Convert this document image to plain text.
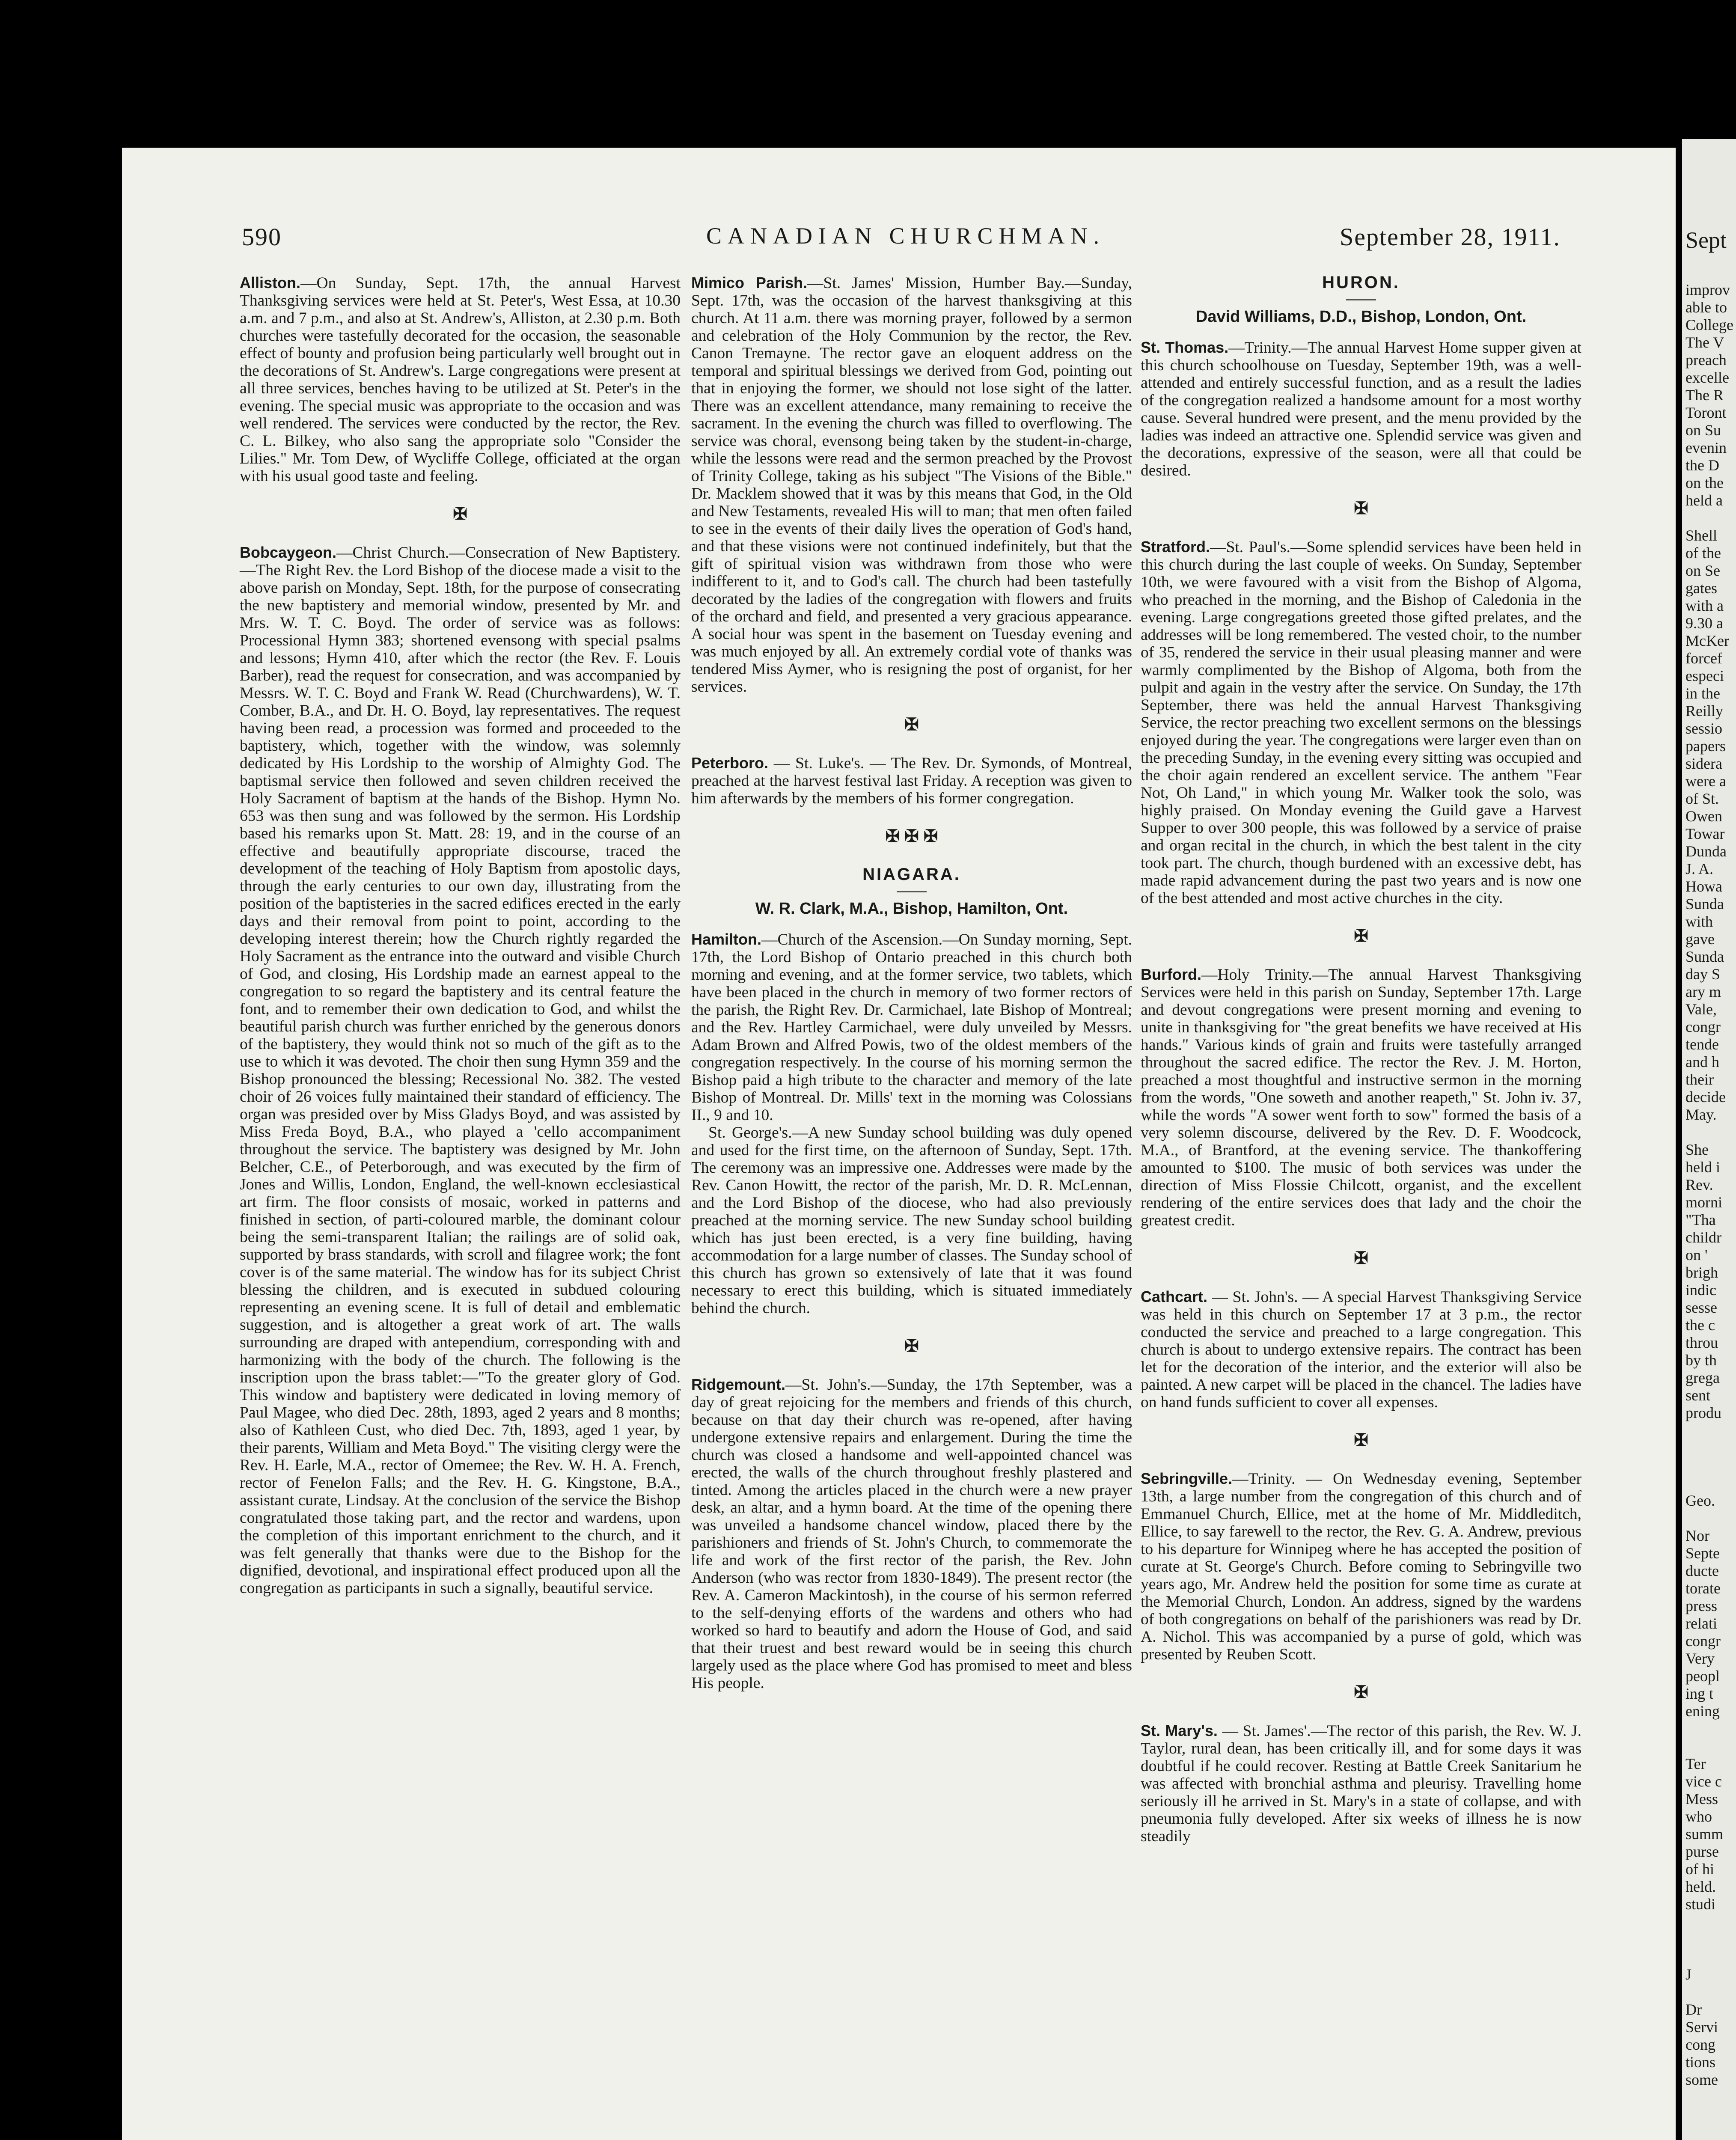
Sept
improv
able to
College
The V
preach
excelle
The R
Toront
on Su
evenin
the D
on the
held a
Shell
of the
on Se
gates
with a
9.30 a
McKer
forcef
especi
in the
Reilly
sessio
papers
sidera
were a
of St.
Owen
Towar
Dunda
J. A.
Howa
Sunda
with
gave
Sunda
day S
ary m
Vale,
congr
tende
and h
their
decide
May.
She
held i
Rev.
morni
"Tha
childr
on '
brigh
indic
sesse
the c
throu
by th
grega
sent
produ
Geo.
Nor
Septe
ducte
torate
press
relati
congr
Very
peopl
ing t
ening
Ter
vice c
Mess
who
summ
purse
of hi
held.
studi
J
Dr
Servi
cong
tions
some
590	CANADIAN CHURCHMAN.	September 28, 1911.

Alliston.—On Sunday, Sept. 17th, the annual Harvest Thanksgiving services were held at St. Peter's, West Essa, at 10.30 a.m. and 7 p.m., and also at St. Andrew's, Alliston, at 2.30 p.m. Both churches were tastefully decorated for the occasion, the seasonable effect of bounty and profusion being particularly well brought out in the decorations of St. Andrew's. Large congregations were present at all three services, benches having to be utilized at St. Peter's in the evening. The special music was appropriate to the occasion and was well rendered. The services were conducted by the rector, the Rev. C. L. Bilkey, who also sang the appropriate solo "Consider the Lilies." Mr. Tom Dew, of Wycliffe College, officiated at the organ with his usual good taste and feeling.

✠

Bobcaygeon.—Christ Church.—Consecration of New Baptistery.—The Right Rev. the Lord Bishop of the diocese made a visit to the above parish on Monday, Sept. 18th, for the purpose of consecrating the new baptistery and memorial window, presented by Mr. and Mrs. W. T. C. Boyd. The order of service was as follows: Processional Hymn 383; shortened evensong with special psalms and lessons; Hymn 410, after which the rector (the Rev. F. Louis Barber), read the request for consecration, and was accompanied by Messrs. W. T. C. Boyd and Frank W. Read (Churchwardens), W. T. Comber, B.A., and Dr. H. O. Boyd, lay representatives. The request having been read, a procession was formed and proceeded to the baptistery, which, together with the window, was solemnly dedicated by His Lordship to the worship of Almighty God. The baptismal service then followed and seven children received the Holy Sacrament of baptism at the hands of the Bishop. Hymn No. 653 was then sung and was followed by the sermon. His Lordship based his remarks upon St. Matt. 28: 19, and in the course of an effective and beautifully appropriate discourse, traced the development of the teaching of Holy Baptism from apostolic days, through the early centuries to our own day, illustrating from the position of the baptisteries in the sacred edifices erected in the early days and their removal from point to point, according to the developing interest therein; how the Church rightly regarded the Holy Sacrament as the entrance into the outward and visible Church of God, and closing, His Lordship made an earnest appeal to the congregation to so regard the baptistery and its central feature the font, and to remember their own dedication to God, and whilst the beautiful parish church was further enriched by the generous donors of the baptistery, they would think not so much of the gift as to the use to which it was devoted. The choir then sung Hymn 359 and the Bishop pronounced the blessing; Recessional No. 382. The vested choir of 26 voices fully maintained their standard of efficiency. The organ was presided over by Miss Gladys Boyd, and was assisted by Miss Freda Boyd, B.A., who played a 'cello accompaniment throughout the service. The baptistery was designed by Mr. John Belcher, C.E., of Peterborough, and was executed by the firm of Jones and Willis, London, England, the well-known ecclesiastical art firm. The floor consists of mosaic, worked in patterns and finished in section, of parti-coloured marble, the dominant colour being the semi-transparent Italian; the railings are of solid oak, supported by brass standards, with scroll and filagree work; the font cover is of the same material. The window has for its subject Christ blessing the children, and is executed in subdued colouring representing an evening scene. It is full of detail and emblematic suggestion, and is altogether a great work of art. The walls surrounding are draped with antependium, corresponding with and harmonizing with the body of the church. The following is the inscription upon the brass tablet:—"To the greater glory of God. This window and baptistery were dedicated in loving memory of Paul Magee, who died Dec. 28th, 1893, aged 2 years and 8 months; also of Kathleen Cust, who died Dec. 7th, 1893, aged 1 year, by their parents, William and Meta Boyd." The visiting clergy were the Rev. H. Earle, M.A., rector of Omemee; the Rev. W. H. A. French, rector of Fenelon Falls; and the Rev. H. G. Kingstone, B.A., assistant curate, Lindsay. At the conclusion of the service the Bishop congratulated those taking part, and the rector and wardens, upon the completion of this important enrichment to the church, and it was felt generally that thanks were due to the Bishop for the dignified, devotional, and inspirational effect produced upon all the congregation as participants in such a signally, beautiful service.

Mimico Parish.—St. James' Mission, Humber Bay.—Sunday, Sept. 17th, was the occasion of the harvest thanksgiving at this church. At 11 a.m. there was morning prayer, followed by a sermon and celebration of the Holy Communion by the rector, the Rev. Canon Tremayne. The rector gave an eloquent address on the temporal and spiritual blessings we derived from God, pointing out that in enjoying the former, we should not lose sight of the latter. There was an excellent attendance, many remaining to receive the sacrament. In the evening the church was filled to overflowing. The service was choral, evensong being taken by the student-in-charge, while the lessons were read and the sermon preached by the Provost of Trinity College, taking as his subject "The Visions of the Bible." Dr. Macklem showed that it was by this means that God, in the Old and New Testaments, revealed His will to man; that men often failed to see in the events of their daily lives the operation of God's hand, and that these visions were not continued indefinitely, but that the gift of spiritual vision was withdrawn from those who were indifferent to it, and to God's call. The church had been tastefully decorated by the ladies of the congregation with flowers and fruits of the orchard and field, and presented a very gracious appearance. A social hour was spent in the basement on Tuesday evening and was much enjoyed by all. An extremely cordial vote of thanks was tendered Miss Aymer, who is resigning the post of organist, for her services.

✠

Peterboro. — St. Luke's. — The Rev. Dr. Symonds, of Montreal, preached at the harvest festival last Friday. A reception was given to him afterwards by the members of his former congregation.

✠ ✠ ✠
NIAGARA.
W. R. Clark, M.A., Bishop, Hamilton, Ont.

Hamilton.—Church of the Ascension.—On Sunday morning, Sept. 17th, the Lord Bishop of Ontario preached in this church both morning and evening, and at the former service, two tablets, which have been placed in the church in memory of two former rectors of the parish, the Right Rev. Dr. Carmichael, late Bishop of Montreal; and the Rev. Hartley Carmichael, were duly unveiled by Messrs. Adam Brown and Alfred Powis, two of the oldest members of the congregation respectively. In the course of his morning sermon the Bishop paid a high tribute to the character and memory of the late Bishop of Montreal. Dr. Mills' text in the morning was Colossians II., 9 and 10.

St. George's.—A new Sunday school building was duly opened and used for the first time, on the afternoon of Sunday, Sept. 17th. The ceremony was an impressive one. Addresses were made by the Rev. Canon Howitt, the rector of the parish, Mr. D. R. McLennan, and the Lord Bishop of the diocese, who had also previously preached at the morning service. The new Sunday school building which has just been erected, is a very fine building, having accommodation for a large number of classes. The Sunday school of this church has grown so extensively of late that it was found necessary to erect this building, which is situated immediately behind the church.

✠

Ridgemount.—St. John's.—Sunday, the 17th September, was a day of great rejoicing for the members and friends of this church, because on that day their church was re-opened, after having undergone extensive repairs and enlargement. During the time the church was closed a handsome and well-appointed chancel was erected, the walls of the church throughout freshly plastered and tinted. Among the articles placed in the church were a new prayer desk, an altar, and a hymn board. At the time of the opening there was unveiled a handsome chancel window, placed there by the parishioners and friends of St. John's Church, to commemorate the life and work of the first rector of the parish, the Rev. John Anderson (who was rector from 1830-1849). The present rector (the Rev. A. Cameron Mackintosh), in the course of his sermon referred to the self-denying efforts of the wardens and others who had worked so hard to beautify and adorn the House of God, and said that their truest and best reward would be in seeing this church largely used as the place where God has promised to meet and bless His people.

HURON.
David Williams, D.D., Bishop, London, Ont.

St. Thomas.—Trinity.—The annual Harvest Home supper given at this church schoolhouse on Tuesday, September 19th, was a well-attended and entirely successful function, and as a result the ladies of the congregation realized a handsome amount for a most worthy cause. Several hundred were present, and the menu provided by the ladies was indeed an attractive one. Splendid service was given and the decorations, expressive of the season, were all that could be desired.

✠

Stratford.—St. Paul's.—Some splendid services have been held in this church during the last couple of weeks. On Sunday, September 10th, we were favoured with a visit from the Bishop of Algoma, who preached in the morning, and the Bishop of Caledonia in the evening. Large congregations greeted those gifted prelates, and the addresses will be long remembered. The vested choir, to the number of 35, rendered the service in their usual pleasing manner and were warmly complimented by the Bishop of Algoma, both from the pulpit and again in the vestry after the service. On Sunday, the 17th September, there was held the annual Harvest Thanksgiving Service, the rector preaching two excellent sermons on the blessings enjoyed during the year. The congregations were larger even than on the preceding Sunday, in the evening every sitting was occupied and the choir again rendered an excellent service. The anthem "Fear Not, Oh Land," in which young Mr. Walker took the solo, was highly praised. On Monday evening the Guild gave a Harvest Supper to over 300 people, this was followed by a service of praise and organ recital in the church, in which the best talent in the city took part. The church, though burdened with an excessive debt, has made rapid advancement during the past two years and is now one of the best attended and most active churches in the city.

✠

Burford.—Holy Trinity.—The annual Harvest Thanksgiving Services were held in this parish on Sunday, September 17th. Large and devout congregations were present morning and evening to unite in thanksgiving for "the great benefits we have received at His hands." Various kinds of grain and fruits were tastefully arranged throughout the sacred edifice. The rector the Rev. J. M. Horton, preached a most thoughtful and instructive sermon in the morning from the words, "One soweth and another reapeth," St. John iv. 37, while the words "A sower went forth to sow" formed the basis of a very solemn discourse, delivered by the Rev. D. F. Woodcock, M.A., of Brantford, at the evening service. The thankoffering amounted to $100. The music of both services was under the direction of Miss Flossie Chilcott, organist, and the excellent rendering of the entire services does that lady and the choir the greatest credit.

✠

Cathcart. — St. John's. — A special Harvest Thanksgiving Service was held in this church on September 17 at 3 p.m., the rector conducted the service and preached to a large congregation. This church is about to undergo extensive repairs. The contract has been let for the decoration of the interior, and the exterior will also be painted. A new carpet will be placed in the chancel. The ladies have on hand funds sufficient to cover all expenses.

✠

Sebringville.—Trinity. — On Wednesday evening, September 13th, a large number from the congregation of this church and of Emmanuel Church, Ellice, met at the home of Mr. Middleditch, Ellice, to say farewell to the rector, the Rev. G. A. Andrew, previous to his departure for Winnipeg where he has accepted the position of curate at St. George's Church. Before coming to Sebringville two years ago, Mr. Andrew held the position for some time as curate at the Memorial Church, London. An address, signed by the wardens of both congregations on behalf of the parishioners was read by Dr. A. Nichol. This was accompanied by a purse of gold, which was presented by Reuben Scott.

✠

St. Mary's. — St. James'.—The rector of this parish, the Rev. W. J. Taylor, rural dean, has been critically ill, and for some days it was doubtful if he could recover. Resting at Battle Creek Sanitarium he was affected with bronchial asthma and pleurisy. Travelling home seriously ill he arrived in St. Mary's in a state of collapse, and with pneumonia fully developed. After six weeks of illness he is now steadily
